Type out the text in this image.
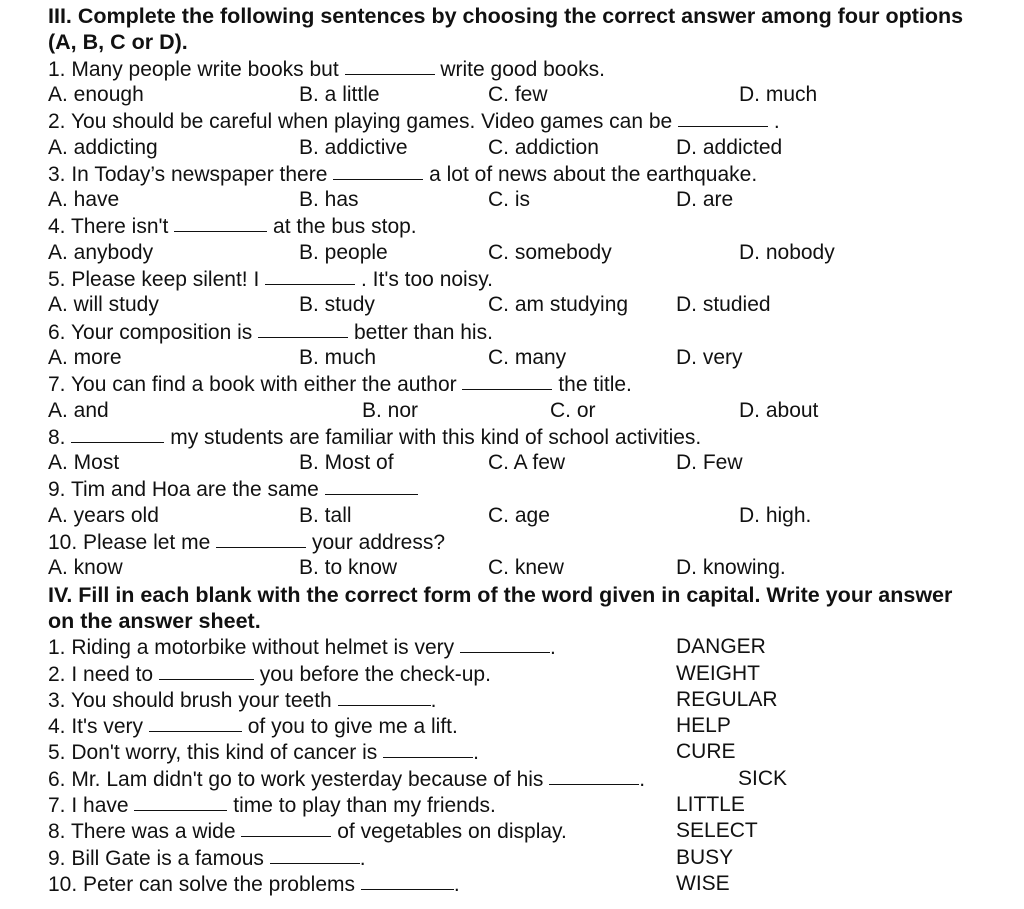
III. Complete the following sentences by choosing the correct answer among four options
(A, B, C or D).
1. Many people write books but	write good books.
A. enough	B. a little	C. few	D. much
2. You should be careful when playing games. Video games can be	.
A. addicting	B. addictive	C. addiction	D. addicted
3. In Today’s newspaper there	a lot of news about the earthquake.
A. have	B. has	C. is	D. are
4. There isn't	at the bus stop.
A. anybody	B. people	C. somebody	D. nobody
5. Please keep silent! I	. It's too noisy.
A. will study	B. study	C. am studying D. studied
6. Your composition is	better than his.
A. more	B. much	C. many	D. very
7. You can find a book with either the author	the title.
A. and	B. nor	C. or	D. about
8.	my students are familiar with this kind of school activities.
A. Most	B. Most of	C. A few	D. Few
9. Tim and Hoa are the same
A. years old	B. tall	C. age	D. high.
10. Please let me	your address?
A. know	B. to know	C. knew	D. knowing.
IV. Fill in each blank with the correct form of the word given in capital. Write your answer
on the answer sheet.
1. Riding a motorbike without helmet is very	.	DANGER
2. I need to	you before the check-up.	WEIGHT
3. You should brush your teeth	.	REGULAR
4. It's very	of you to give me a lift.	HELP
5. Don't worry, this kind of cancer is	.	CURE
6. Mr. Lam didn't go to work yesterday because of his	.	SICK
7. I have	time to play than my friends.	LITTLE
8. There was a wide	of vegetables on display.	SELECT
9. Bill Gate is a famous	.	BUSY
10. Peter can solve the problems	.	WISE
